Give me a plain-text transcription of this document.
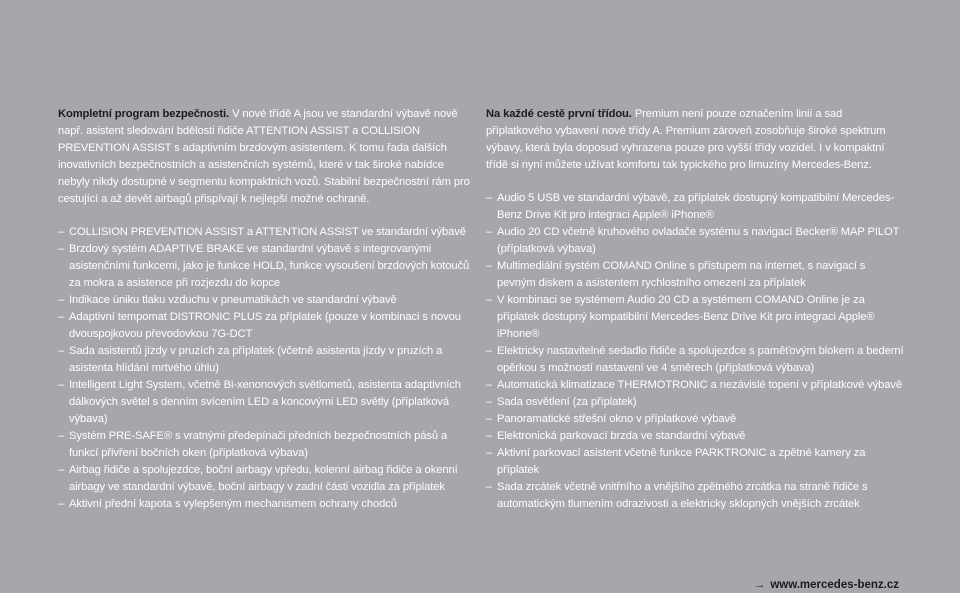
Kompletní program bezpečnosti. V nové třídě A jsou ve standardní výbavě nově např. asistent sledování bdělosti řidiče ATTENTION ASSIST a COLLISION PREVENTION ASSIST s adaptivním brzdovým asistentem. K tomu řada dalších inovativních bezpečnostních a asistenčních systémů, které v tak široké nabídce nebyly nikdy dostupné v segmentu kompaktních vozů. Stabilní bezpečnostní rám pro cestující a až devět airbagů přispívají k nejlepší možné ochraně.

– COLLISION PREVENTION ASSIST a ATTENTION ASSIST ve standardní výbavě
– Brzdový systém ADAPTIVE BRAKE ve standardní výbavě s integrovanými asistenčními funkcemi, jako je funkce HOLD, funkce vysoušení brzdových kotoučů za mokra a asistence při rozjezdu do kopce
– Indikace úniku tlaku vzduchu v pneumatikách ve standardní výbavě
– Adaptivní tempomat DISTRONIC PLUS za příplatek (pouze v kombinaci s novou dvouspojkovou převodovkou 7G-DCT
– Sada asistentů jízdy v pruzích za příplatek (včetně asistenta jízdy v pruzích a asistenta hlídání mrtvého úhlu)
– Intelligent Light System, včetně Bi-xenonových světlometů, asistenta adaptivních dálkových světel s denním svícením LED a koncovými LED světly (příplatková výbava)
– Systém PRE-SAFE® s vratnými předepínači předních bezpečnostních pásů a funkcí přivření bočních oken (příplatková výbava)
– Airbag řidiče a spolujezdce, boční airbagy vpředu, kolenní airbag řidiče a okenní airbagy ve standardní výbavě, boční airbagy v zadní části vozidla za příplatek
– Aktivní přední kapota s vylepšeným mechanismem ochrany chodců

Na každé cestě první třídou. Premium není pouze označením linií a sad příplatkového vybavení nové třídy A. Premium zároveň zosobňuje široké spektrum výbavy, která byla doposud vyhrazena pouze pro vyšší třídy vozidel. I v kompaktní třídě si nyní můžete užívat komfortu tak typického pro limuzíny Mercedes-Benz.

– Audio 5 USB ve standardní výbavě, za příplatek dostupný kompatibilní Mercedes-Benz Drive Kit pro integraci Apple® iPhone®
– Audio 20 CD včetně kruhového ovladače systému s navigací Becker® MAP PILOT (příplatková výbava)
– Multimediální systém COMAND Online s přístupem na internet, s navigací s pevným diskem a asistentem rychlostního omezení za příplatek
– V kombinaci se systémem Audio 20 CD a systémem COMAND Online je za příplatek dostupný kompatibilní Mercedes-Benz Drive Kit pro integraci Apple® iPhone®
– Elektricky nastavitelné sedadlo řidiče a spolujezdce s paměťovým blokem a bederní opěrkou s možností nastavení ve 4 směrech (příplatková výbava)
– Automatická klimatizace THERMOTRONIC a nezávislé topení v příplatkové výbavě
– Sada osvětlení (za příplatek)
– Panoramatické střešní okno v příplatkové výbavě
– Elektronická parkovací brzda ve standardní výbavě
– Aktivní parkovací asistent včetně funkce PARKTRONIC a zpětné kamery za příplatek
– Sada zrcátek včetně vnitřního a vnějšího zpětného zrcátka na straně řidiče s automatickým tlumením odrazivosti a elektricky sklopných vnějších zrcátek
→ www.mercedes-benz.cz
